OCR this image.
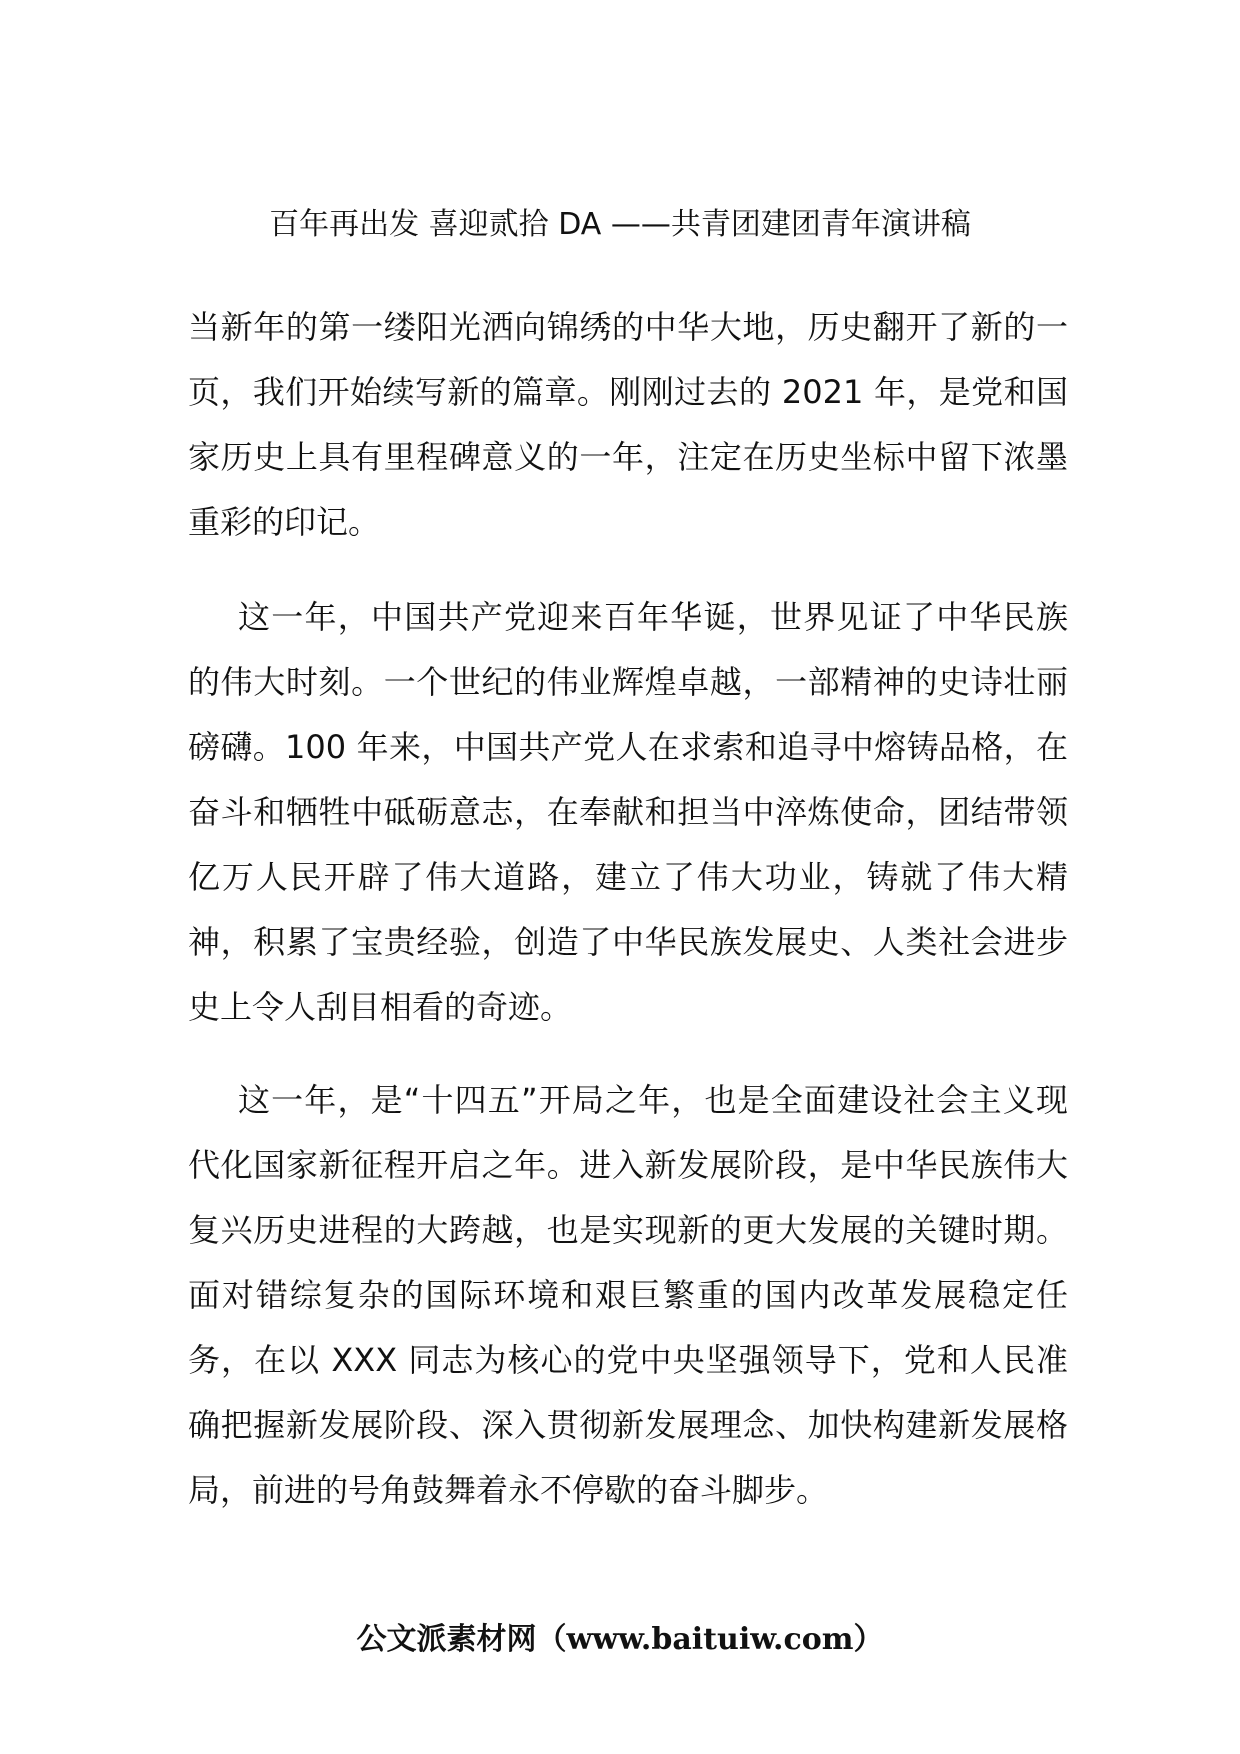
百年再出发 喜迎贰拾 DA ——共青团建团青年演讲稿

当新年的第一缕阳光洒向锦绣的中华大地，历史翻开了新的一页，我们开始续写新的篇章。刚刚过去的 2021 年，是党和国家历史上具有里程碑意义的一年，注定在历史坐标中留下浓墨重彩的印记。

这一年，中国共产党迎来百年华诞，世界见证了中华民族的伟大时刻。一个世纪的伟业辉煌卓越，一部精神的史诗壮丽磅礴。100 年来，中国共产党人在求索和追寻中熔铸品格，在奋斗和牺牲中砥砺意志，在奉献和担当中淬炼使命，团结带领亿万人民开辟了伟大道路，建立了伟大功业，铸就了伟大精神，积累了宝贵经验，创造了中华民族发展史、人类社会进步史上令人刮目相看的奇迹。

这一年，是“十四五”开局之年，也是全面建设社会主义现代化国家新征程开启之年。进入新发展阶段，是中华民族伟大复兴历史进程的大跨越，也是实现新的更大发展的关键时期。面对错综复杂的国际环境和艰巨繁重的国内改革发展稳定任务，在以 XXX 同志为核心的党中央坚强领导下，党和人民准确把握新发展阶段、深入贯彻新发展理念、加快构建新发展格局，前进的号角鼓舞着永不停歇的奋斗脚步。

公文派素材网（www.baituiw.com）
